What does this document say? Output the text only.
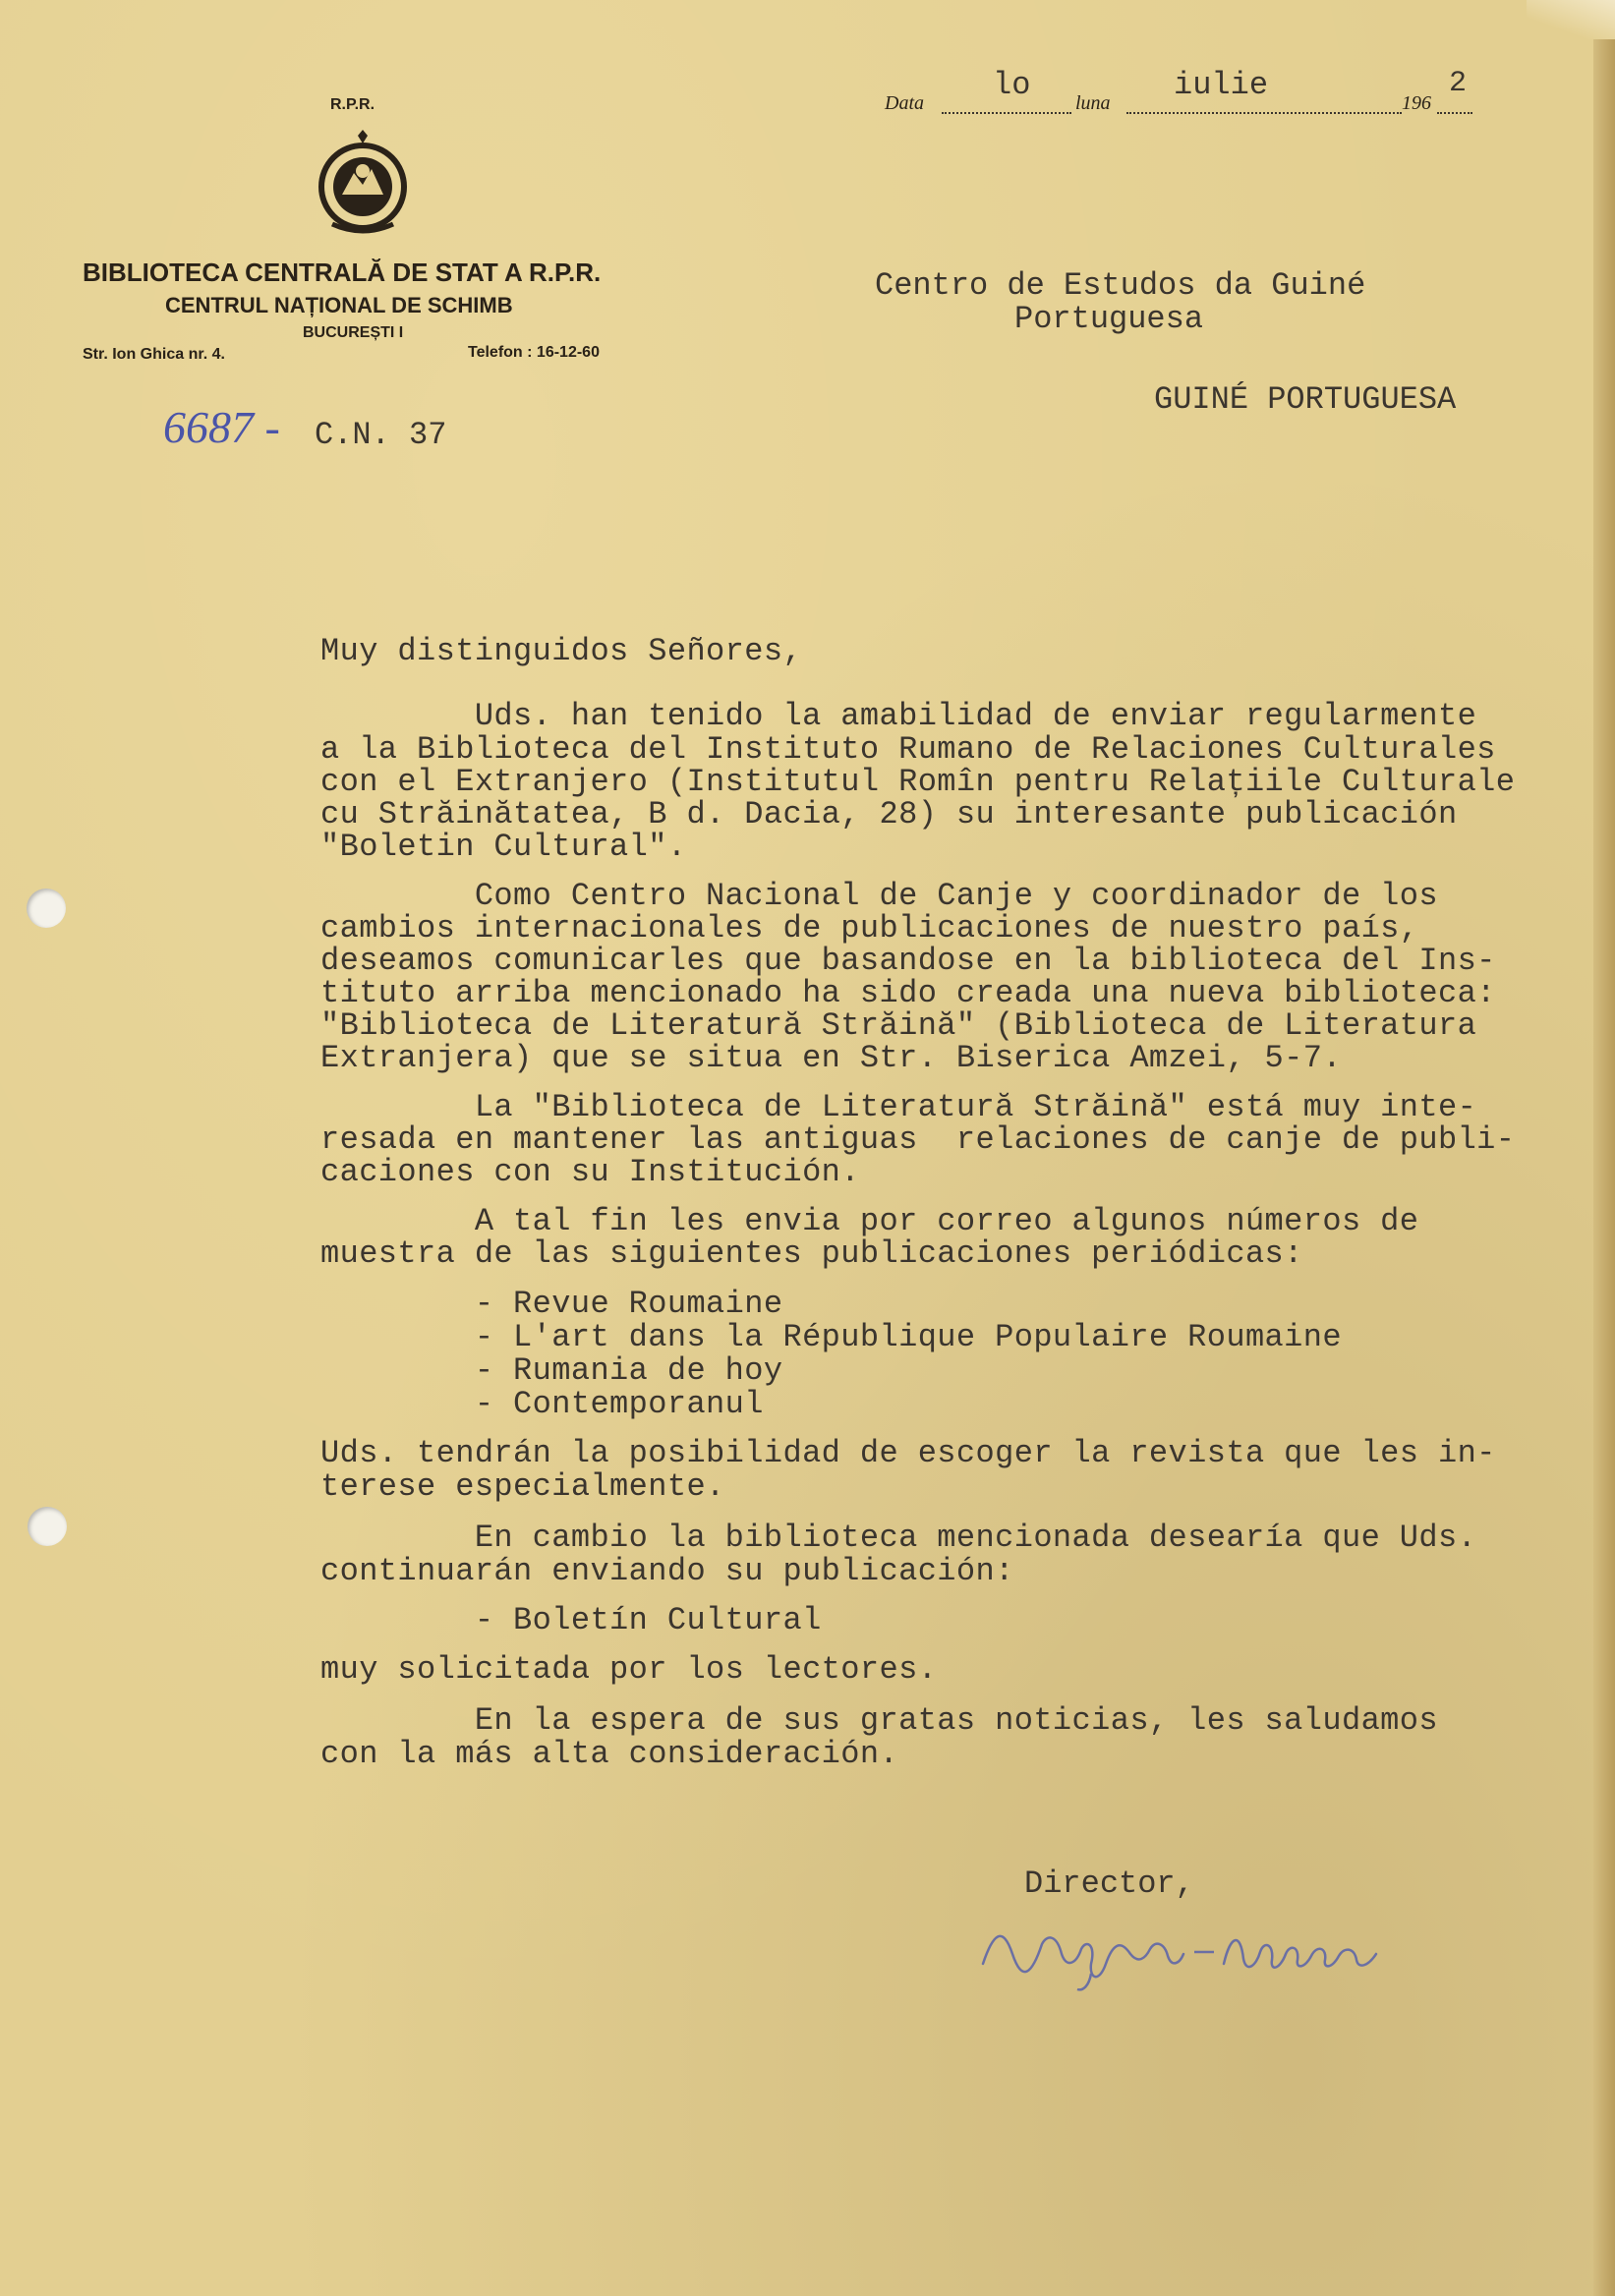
R.P.R.
BIBLIOTECA CENTRALĂ DE STAT A R.P.R.
CENTRUL NAȚIONAL DE SCHIMB
BUCUREȘTI I
Str. Ion Ghica nr. 4.	Telefon : 16-12-60
Data lo luna iulie	196
2
6687 - C.N. 37
Centro de Estudos da Guiné
Portuguesa
GUINÉ PORTUGUESA
Muy distinguidos Señores,
Uds. han tenido la amabilidad de enviar regularmente
a la Biblioteca del Instituto Rumano de Relaciones Culturales
con el Extranjero (Institutul Romîn pentru Relațiile Culturale
cu Străinătatea, B d. Dacia, 28) su interesante publicación
"Boletin Cultural".
Como Centro Nacional de Canje y coordinador de los
cambios internacionales de publicaciones de nuestro país,
deseamos comunicarles que basandose en la biblioteca del Ins-
tituto arriba mencionado ha sido creada una nueva biblioteca:
"Biblioteca de Literatură Străină" (Biblioteca de Literatura
Extranjera) que se situa en Str. Biserica Amzei, 5-7.
La "Biblioteca de Literatură Străină" está muy inte-
resada en mantener las antiguas  relaciones de canje de publi-
caciones con su Institución.
A tal fin les envia por correo algunos números de
muestra de las siguientes publicaciones periódicas:
- Revue Roumaine
- L'art dans la République Populaire Roumaine
- Rumania de hoy
- Contemporanul
Uds. tendrán la posibilidad de escoger la revista que les in-
terese especialmente.
En cambio la biblioteca mencionada desearía que Uds.
continuarán enviando su publicación:
- Boletín Cultural
muy solicitada por los lectores.
En la espera de sus gratas noticias, les saludamos
con la más alta consideración.
Director,
